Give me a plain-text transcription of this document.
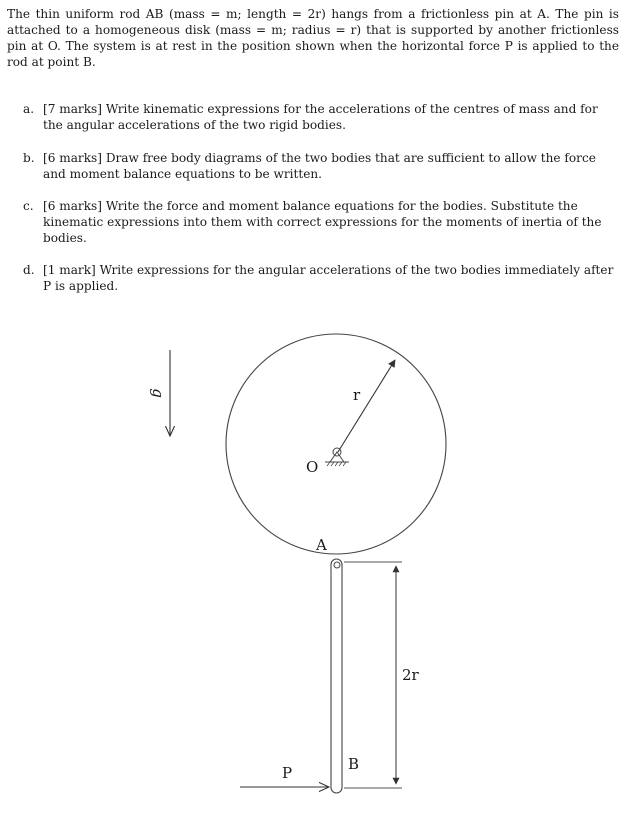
The thin uniform rod AB (mass = m; length = 2r) hangs from a frictionless pin at A. The pin is attached to a homogeneous disk (mass = m; radius = r) that is supported by another frictionless pin at O. The system is at rest in the position shown when the horizontal force P is applied to the rod at point B.

a. [7 marks] Write kinematic expressions for the accelerations of the centres of mass and for the angular accelerations of the two rigid bodies.
b. [6 marks] Draw free body diagrams of the two bodies that are sufficient to allow the force and moment balance equations to be written.
c. [6 marks] Write the force and moment balance equations for the bodies. Substitute the kinematic expressions into them with correct expressions for the moments of inertia of the bodies.
d. [1 mark] Write expressions for the angular accelerations of the two bodies immediately after P is applied.
g	r
O
A
2r
B
P
